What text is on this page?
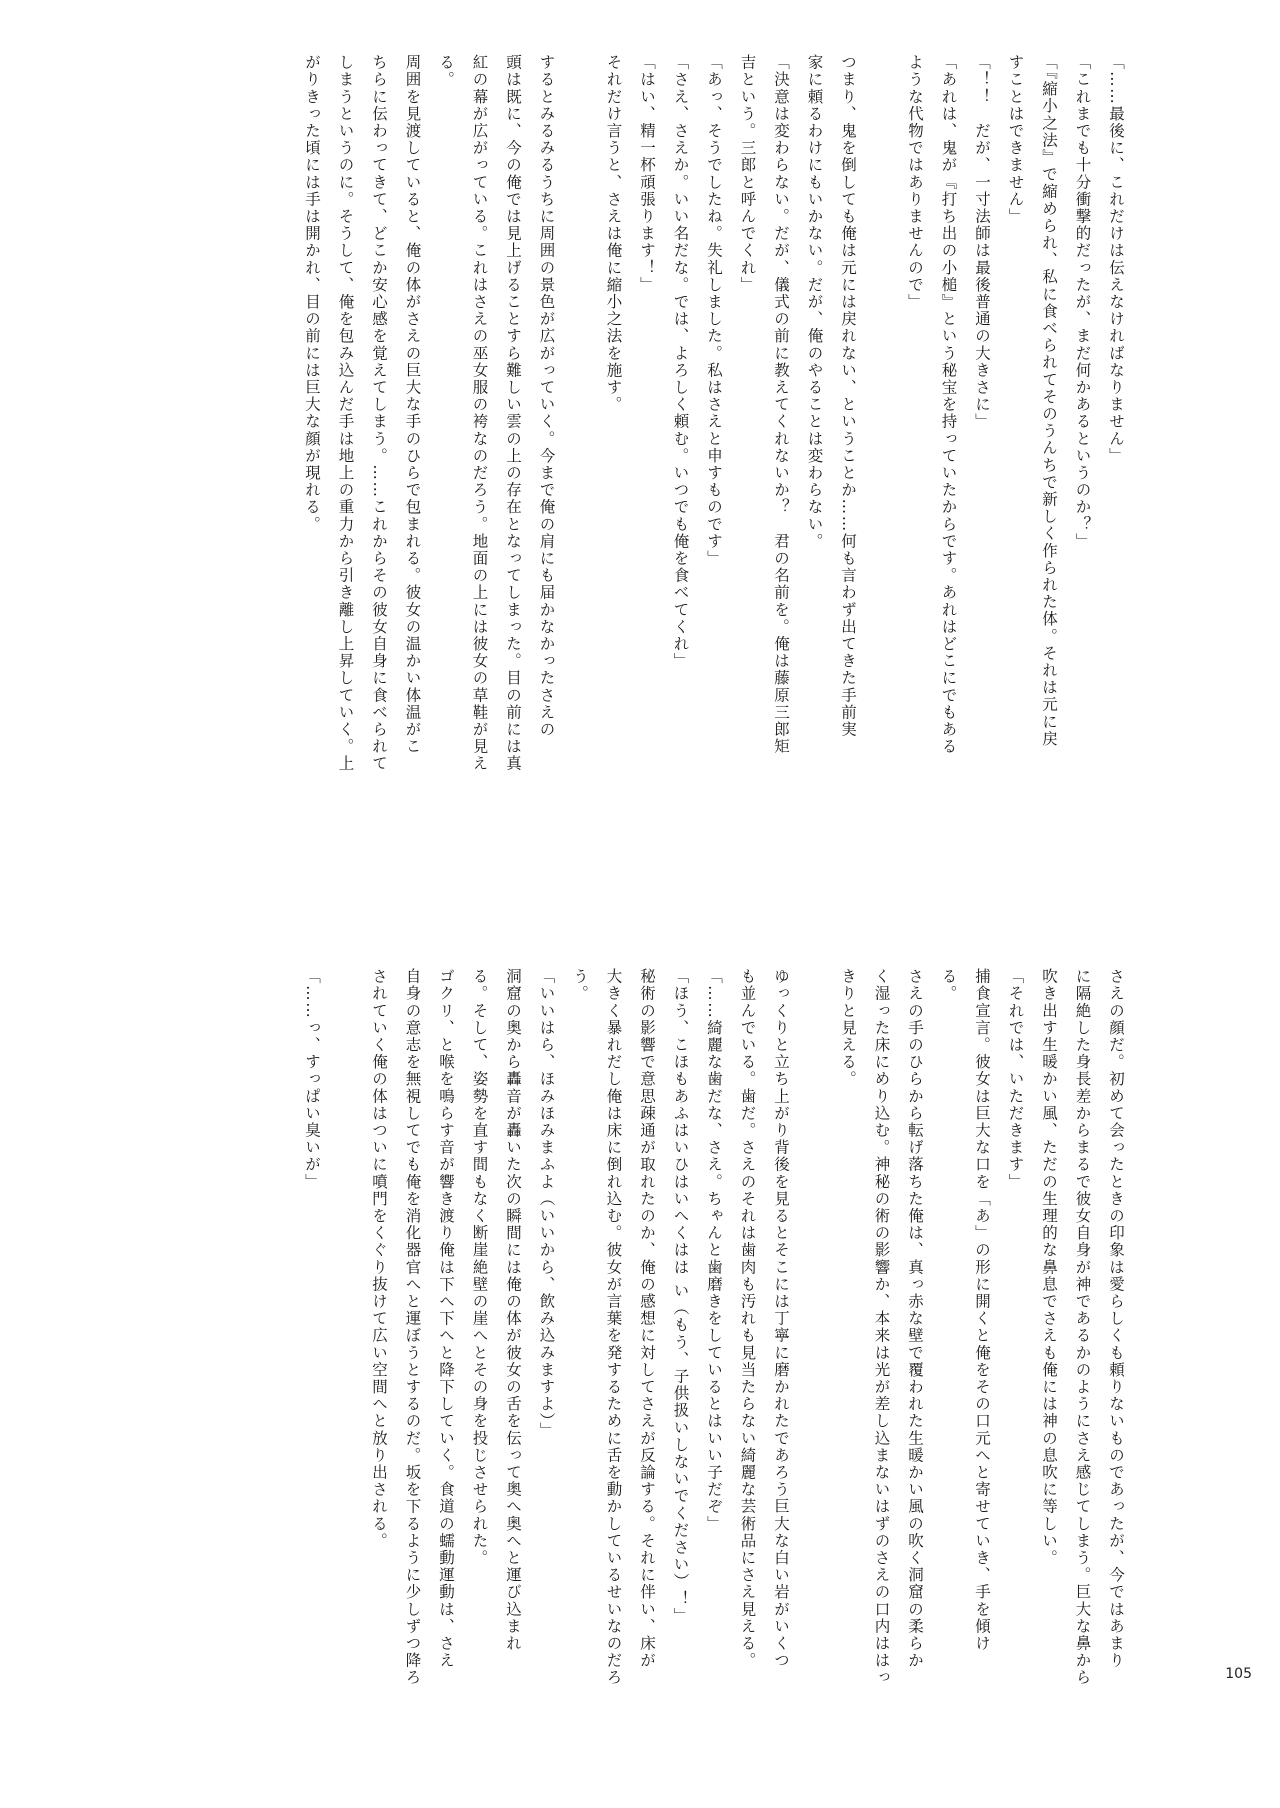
「……最後に、これだけは伝えなければなりません」
「これまでも十分衝撃的だったが、まだ何かあるというのか？」
「『縮小之法』で縮められ、私に食べられてそのうんちで新しく作られた体。それは元に戻
すことはできません」
「！！　だが、一寸法師は最後普通の大きさに」
「あれは、鬼が『打ち出の小槌』という秘宝を持っていたからです。あれはどこにでもある
ような代物ではありませんので」
つまり、鬼を倒しても俺は元には戻れない、ということか……何も言わず出てきた手前実
家に頼るわけにもいかない。だが、俺のやることは変わらない。
「決意は変わらない。だが、儀式の前に教えてくれないか？　君の名前を。俺は藤原三郎矩
吉という。三郎と呼んでくれ」
「あっ、そうでしたね。失礼しました。私はさえと申すものです」
「さえ、さえか。いい名だな。では、よろしく頼む。いつでも俺を食べてくれ」
「はい、精一杯頑張ります！」
それだけ言うと、さえは俺に縮小之法を施す。
するとみるみるうちに周囲の景色が広がっていく。今まで俺の肩にも届かなかったさえの
頭は既に、今の俺では見上げることすら難しい雲の上の存在となってしまった。目の前には真
紅の幕が広がっている。これはさえの巫女服の袴なのだろう。地面の上には彼女の草鞋が見え
る。
周囲を見渡していると、俺の体がさえの巨大な手のひらで包まれる。彼女の温かい体温がこ
ちらに伝わってきて、どこか安心感を覚えてしまう。……これからその彼女自身に食べられて
しまうというのに。そうして、俺を包み込んだ手は地上の重力から引き離し上昇していく。上
がりきった頃には手は開かれ、目の前には巨大な顔が現れる。
さえの顔だ。初めて会ったときの印象は愛らしくも頼りないものであったが、今ではあまり
に隔絶した身長差からまるで彼女自身が神であるかのようにさえ感じてしまう。巨大な鼻から
吹き出す生暖かい風、ただの生理的な鼻息でさえも俺には神の息吹に等しい。
「それでは、いただきます」
捕食宣言。彼女は巨大な口を「あ」の形に開くと俺をその口元へと寄せていき、手を傾け
る。
さえの手のひらから転げ落ちた俺は、真っ赤な壁で覆われた生暖かい風の吹く洞窟の柔らか
く湿った床にめり込む。神秘の術の影響か、本来は光が差し込まないはずのさえの口内ははっ
きりと見える。
ゆっくりと立ち上がり背後を見るとそこには丁寧に磨かれたであろう巨大な白い岩がいくつ
も並んでいる。歯だ。さえのそれは歯肉も汚れも見当たらない綺麗な芸術品にさえ見える。
「……綺麗な歯だな、さえ。ちゃんと歯磨きをしているとはいい子だぞ」
「ほう、こほもあふはいひはいへくはは い（もう、子供扱いしないでください）！」
秘術の影響で意思疎通が取れたのか、俺の感想に対してさえが反論する。それに伴い、床が
大きく暴れだし俺は床に倒れ込む。彼女が言葉を発するために舌を動かしているせいなのだろ
う。
「いいはら、ほみほみまふよ（いいから、飲み込みますよ）」
洞窟の奥から轟音が轟いた次の瞬間には俺の体が彼女の舌を伝って奥へ奥へと運び込まれ
る。そして、姿勢を直す間もなく断崖絶壁の崖へとその身を投じさせられた。
ゴクリ、と喉を鳴らす音が響き渡り俺は下へ下へと降下していく。食道の蠕動運動は、さえ
自身の意志を無視してでも俺を消化器官へと運ぼうとするのだ。坂を下るように少しずつ降ろ
されていく俺の体はついに噴門をくぐり抜けて広い空間へと放り出される。
「……っ、すっぱい臭いが」
105
